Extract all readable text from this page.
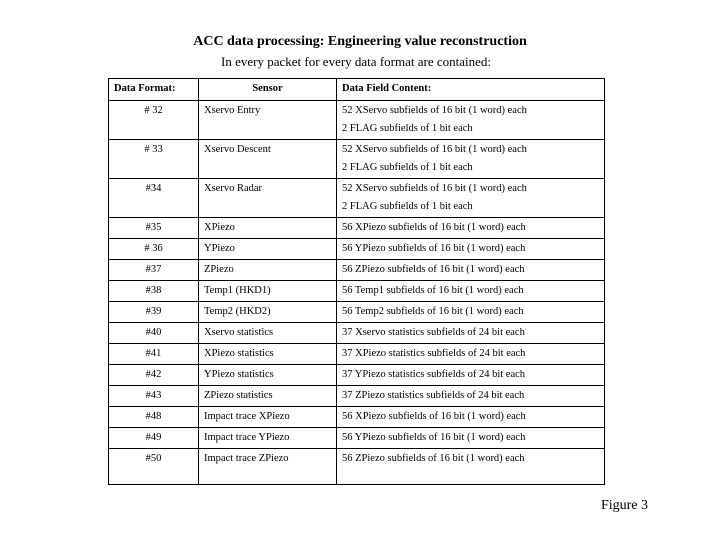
ACC data processing: Engineering value reconstruction

In every packet for every data format are contained:

Data Format:	Sensor	Data Field Content:
# 32	Xservo Entry	52 XServo subfields of 16 bit (1 word) each
2 FLAG subfields of 1 bit each

# 33	Xservo Descent	52 XServo subfields of 16 bit (1 word) each
2 FLAG subfields of 1 bit each

#34	Xservo Radar	52 XServo subfields of 16 bit (1 word) each
2 FLAG subfields of 1 bit each

#35	XPiezo	56 XPiezo subfields of 16 bit (1 word) each

# 36	YPiezo	56 YPiezo subfields of 16 bit (1 word) each

#37	ZPiezo	56 ZPiezo subfields of 16 bit (1 word) each

#38	Temp1 (HKD1)	56 Temp1 subfields of 16 bit (1 word) each

#39	Temp2 (HKD2)	56 Temp2 subfields of 16 bit (1 word) each

#40	Xservo statistics	37 Xservo statistics subfields of 24 bit each

#41	XPiezo statistics	37 XPiezo statistics subfields of 24 bit each

#42	YPiezo statistics	37 YPiezo statistics subfields of 24 bit each

#43	ZPiezo statistics	37 ZPiezo statistics subfields of 24 bit each

#48	Impact trace XPiezo	56 XPiezo subfields of 16 bit (1 word) each

#49	Impact trace YPiezo	56 YPiezo subfields of 16 bit (1 word) each

#50	Impact trace ZPiezo	56 ZPiezo subfields of 16 bit (1 word) each

Figure 3
